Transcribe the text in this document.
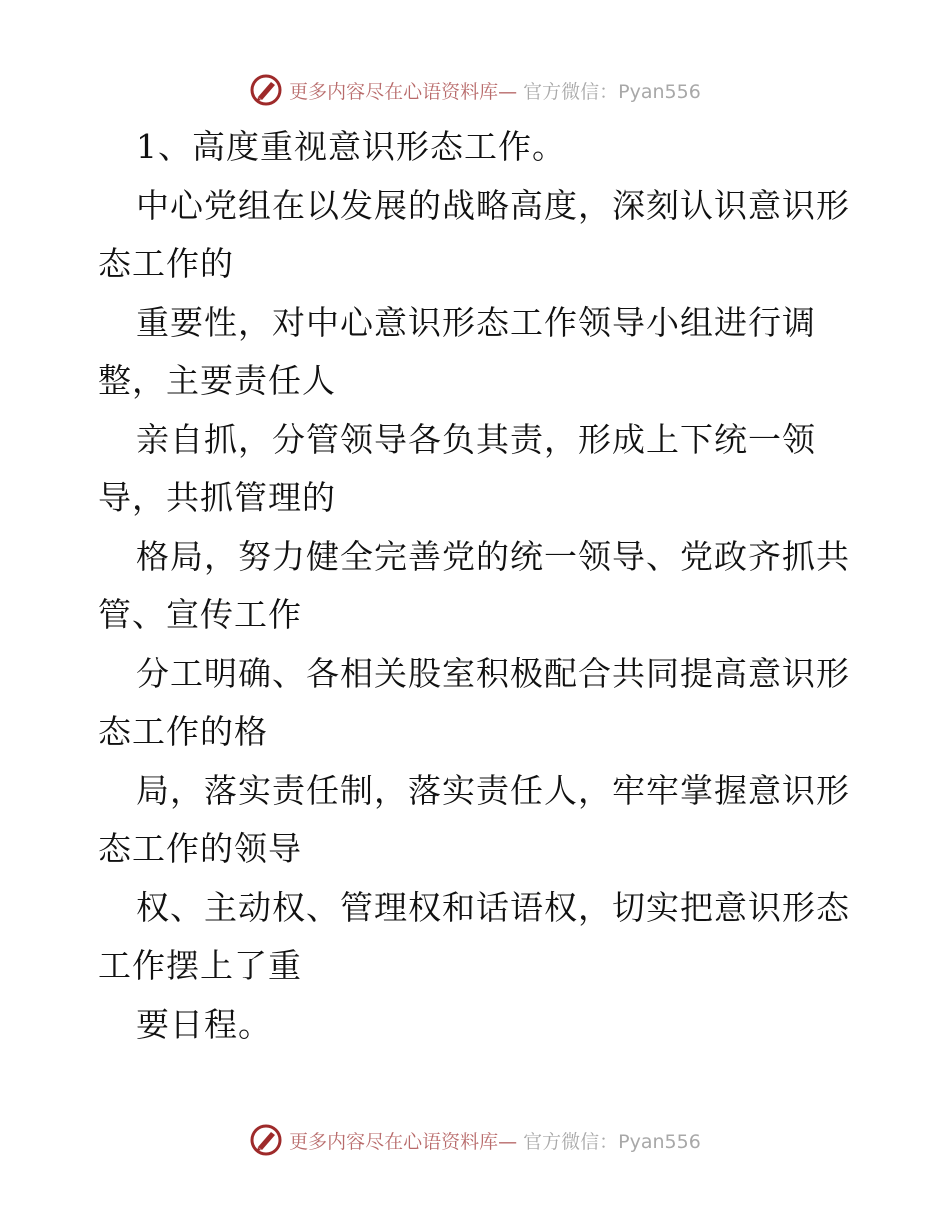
更多内容尽在心语资料库— 官方微信：Pyan556
1、高度重视意识形态工作。
中心党组在以发展的战略高度，深刻认识意识形
态工作的
重要性，对中心意识形态工作领导小组进行调
整，主要责任人
亲自抓，分管领导各负其责，形成上下统一领
导，共抓管理的
格局，努力健全完善党的统一领导、党政齐抓共
管、宣传工作
分工明确、各相关股室积极配合共同提高意识形
态工作的格
局，落实责任制，落实责任人，牢牢掌握意识形
态工作的领导
权、主动权、管理权和话语权，切实把意识形态
工作摆上了重
要日程。
更多内容尽在心语资料库— 官方微信：Pyan556
